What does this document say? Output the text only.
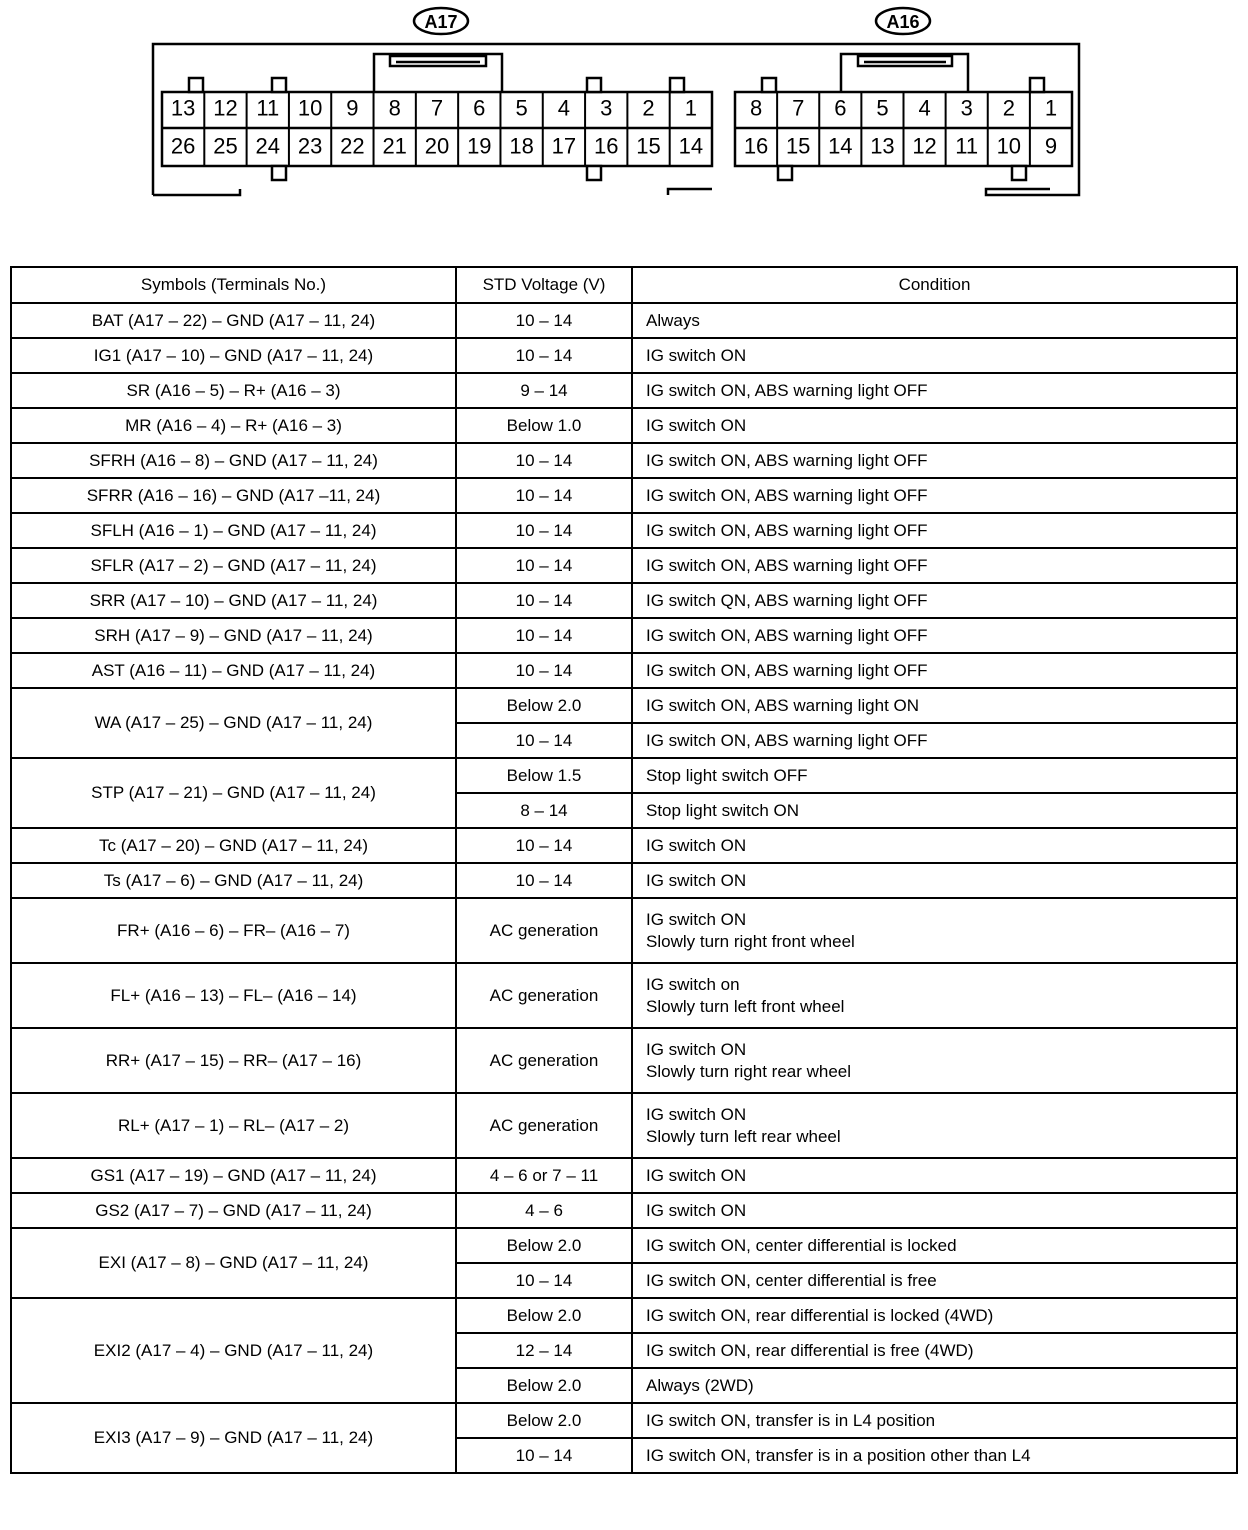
A17	A16
13 12 11 10 9 8 7 6 5 4 3 2 1
26 25 24 23 22 21 20 19 18 17 16 15 14
8 7 6 5 4 3 2 1
16 15 14 13 12 11 10 9
Symbols (Terminals No.)	STD Voltage (V)	Condition
BAT (A17 – 22) – GND (A17 – 11, 24)	10 – 14	Always
IG1 (A17 – 10) – GND (A17 – 11, 24)	10 – 14	IG switch ON
SR (A16 – 5) – R+ (A16 – 3)	9 – 14	IG switch ON, ABS warning light OFF
MR (A16 – 4) – R+ (A16 – 3)	Below 1.0	IG switch ON
SFRH (A16 – 8) – GND (A17 – 11, 24)	10 – 14	IG switch ON, ABS warning light OFF
SFRR (A16 – 16) – GND (A17 –11, 24)	10 – 14	IG switch ON, ABS warning light OFF
SFLH (A16 – 1) – GND (A17 – 11, 24)	10 – 14	IG switch ON, ABS warning light OFF
SFLR (A17 – 2) – GND (A17 – 11, 24)	10 – 14	IG switch ON, ABS warning light OFF
SRR (A17 – 10) – GND (A17 – 11, 24)	10 – 14	IG switch QN, ABS warning light OFF
SRH (A17 – 9) – GND (A17 – 11, 24)	10 – 14	IG switch ON, ABS warning light OFF
AST (A16 – 11) – GND (A17 – 11, 24)	10 – 14	IG switch ON, ABS warning light OFF
WA (A17 – 25) – GND (A17 – 11, 24)	Below 2.0	IG switch ON, ABS warning light ON
	10 – 14	IG switch ON, ABS warning light OFF
STP (A17 – 21) – GND (A17 – 11, 24)	Below 1.5	Stop light switch OFF
	8 – 14	Stop light switch ON
Tc (A17 – 20) – GND (A17 – 11, 24)	10 – 14	IG switch ON
Ts (A17 – 6) – GND (A17 – 11, 24)	10 – 14	IG switch ON
FR+ (A16 – 6) – FR– (A16 – 7)	AC generation	IG switch ON
Slowly turn right front wheel

FL+ (A16 – 13) – FL– (A16 – 14)	AC generation	IG switch on
Slowly turn left front wheel

RR+ (A17 – 15) – RR– (A17 – 16)	AC generation	IG switch ON
Slowly turn right rear wheel

RL+ (A17 – 1) – RL– (A17 – 2)	AC generation	IG switch ON
Slowly turn left rear wheel

GS1 (A17 – 19) – GND (A17 – 11, 24)	4 – 6 or 7 – 11	IG switch ON
GS2 (A17 – 7) – GND (A17 – 11, 24)	4 – 6	IG switch ON
EXI (A17 – 8) – GND (A17 – 11, 24)	Below 2.0	IG switch ON, center differential is locked
	10 – 14	IG switch ON, center differential is free
EXI2 (A17 – 4) – GND (A17 – 11, 24)	Below 2.0	IG switch ON, rear differential is locked (4WD)
	12 – 14	IG switch ON, rear differential is free (4WD)
	Below 2.0	Always (2WD)
EXI3 (A17 – 9) – GND (A17 – 11, 24)	Below 2.0	IG switch ON, transfer is in L4 position
	10 – 14	IG switch ON, transfer is in a position other than L4
